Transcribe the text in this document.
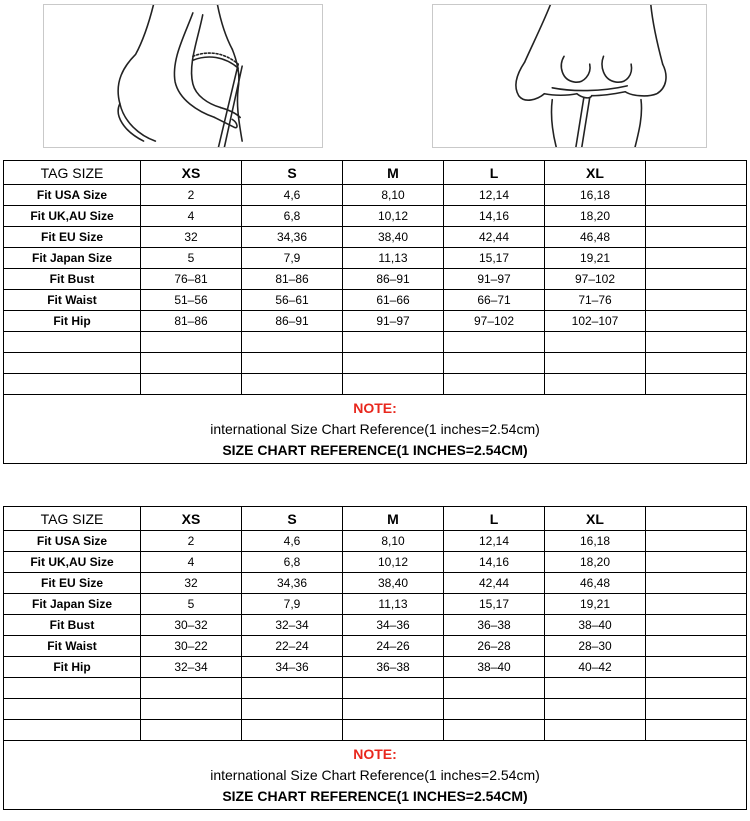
TAG SIZE	XS	S	M	L	XL	
Fit USA Size	2	4,6	8,10	12,14	16,18	
Fit UK,AU Size	4	6,8	10,12	14,16	18,20	
Fit EU Size	32	34,36	38,40	42,44	46,48	
Fit Japan Size	5	7,9	11,13	15,17	19,21	
Fit Bust	76–81	81–86	86–91	91–97	97–102	
Fit Waist	51–56	56–61	61–66	66–71	71–76	
Fit Hip	81–86	86–91	91–97	97–102	102–107	

NOTE:
international Size Chart Reference(1 inches=2.54cm)
SIZE CHART REFERENCE(1 INCHES=2.54CM)						
TAG SIZE	XS	S	M	L	XL	
Fit USA Size	2	4,6	8,10	12,14	16,18	
Fit UK,AU Size	4	6,8	10,12	14,16	18,20	
Fit EU Size	32	34,36	38,40	42,44	46,48	
Fit Japan Size	5	7,9	11,13	15,17	19,21	
Fit Bust	30–32	32–34	34–36	36–38	38–40	
Fit Waist	30–22	22–24	24–26	26–28	28–30	
Fit Hip	32–34	34–36	36–38	38–40	40–42	

NOTE:
international Size Chart Reference(1 inches=2.54cm)
SIZE CHART REFERENCE(1 INCHES=2.54CM)						
